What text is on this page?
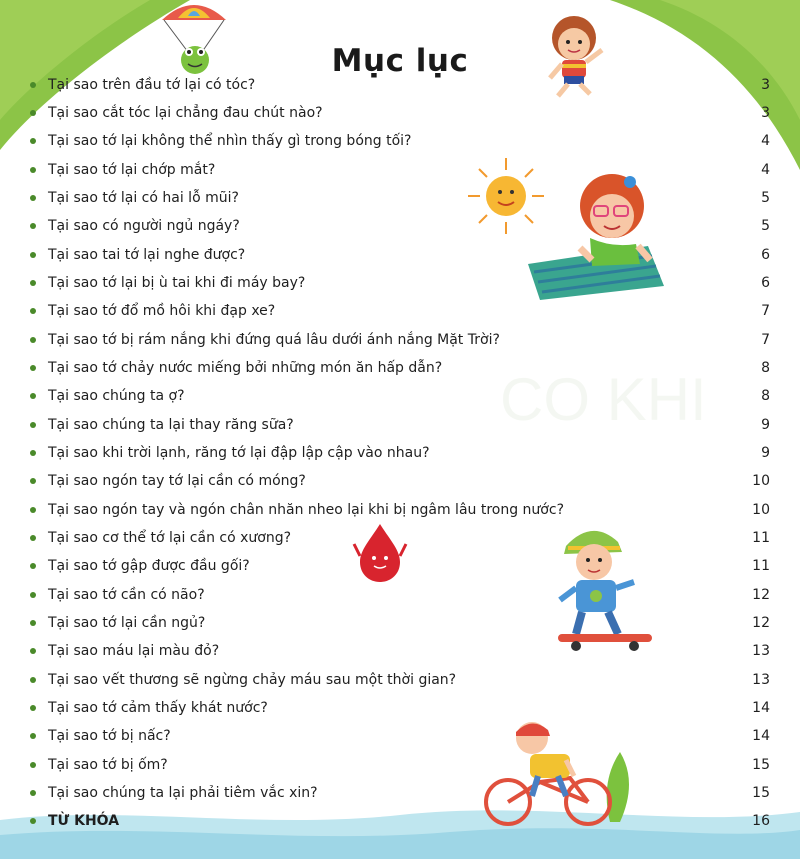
CO KHI
Mục lục
Tại sao trên đầu tớ lại có tóc?	3
Tại sao cắt tóc lại chẳng đau chút nào?	3
Tại sao tớ lại không thể nhìn thấy gì trong bóng tối?	4
Tại sao tớ lại chớp mắt?	4
Tại sao tớ lại có hai lỗ mũi?	5
Tại sao có người ngủ ngáy?	5
Tại sao tai tớ lại nghe được?	6
Tại sao tớ lại bị ù tai khi đi máy bay?	6
Tại sao tớ đổ mồ hôi khi đạp xe?	7
Tại sao tớ bị rám nắng khi đứng quá lâu dưới ánh nắng Mặt Trời?	7
Tại sao tớ chảy nước miếng bởi những món ăn hấp dẫn?	8
Tại sao chúng ta ợ?	8
Tại sao chúng ta lại thay răng sữa?	9
Tại sao khi trời lạnh, răng tớ lại đập lập cập vào nhau?	9
Tại sao ngón tay tớ lại cần có móng?	10
Tại sao ngón tay và ngón chân nhăn nheo lại khi bị ngâm lâu trong nước?	10
Tại sao cơ thể tớ lại cần có xương?	11
Tại sao tớ gập được đầu gối?	11
Tại sao tớ cần có não?	12
Tại sao tớ lại cần ngủ?	12
Tại sao máu lại màu đỏ?	13
Tại sao vết thương sẽ ngừng chảy máu sau một thời gian?	13
Tại sao tớ cảm thấy khát nước?	14
Tại sao tớ bị nấc?	14
Tại sao tớ bị ốm?	15
Tại sao chúng ta lại phải tiêm vắc xin?	15
TỪ KHÓA	16
